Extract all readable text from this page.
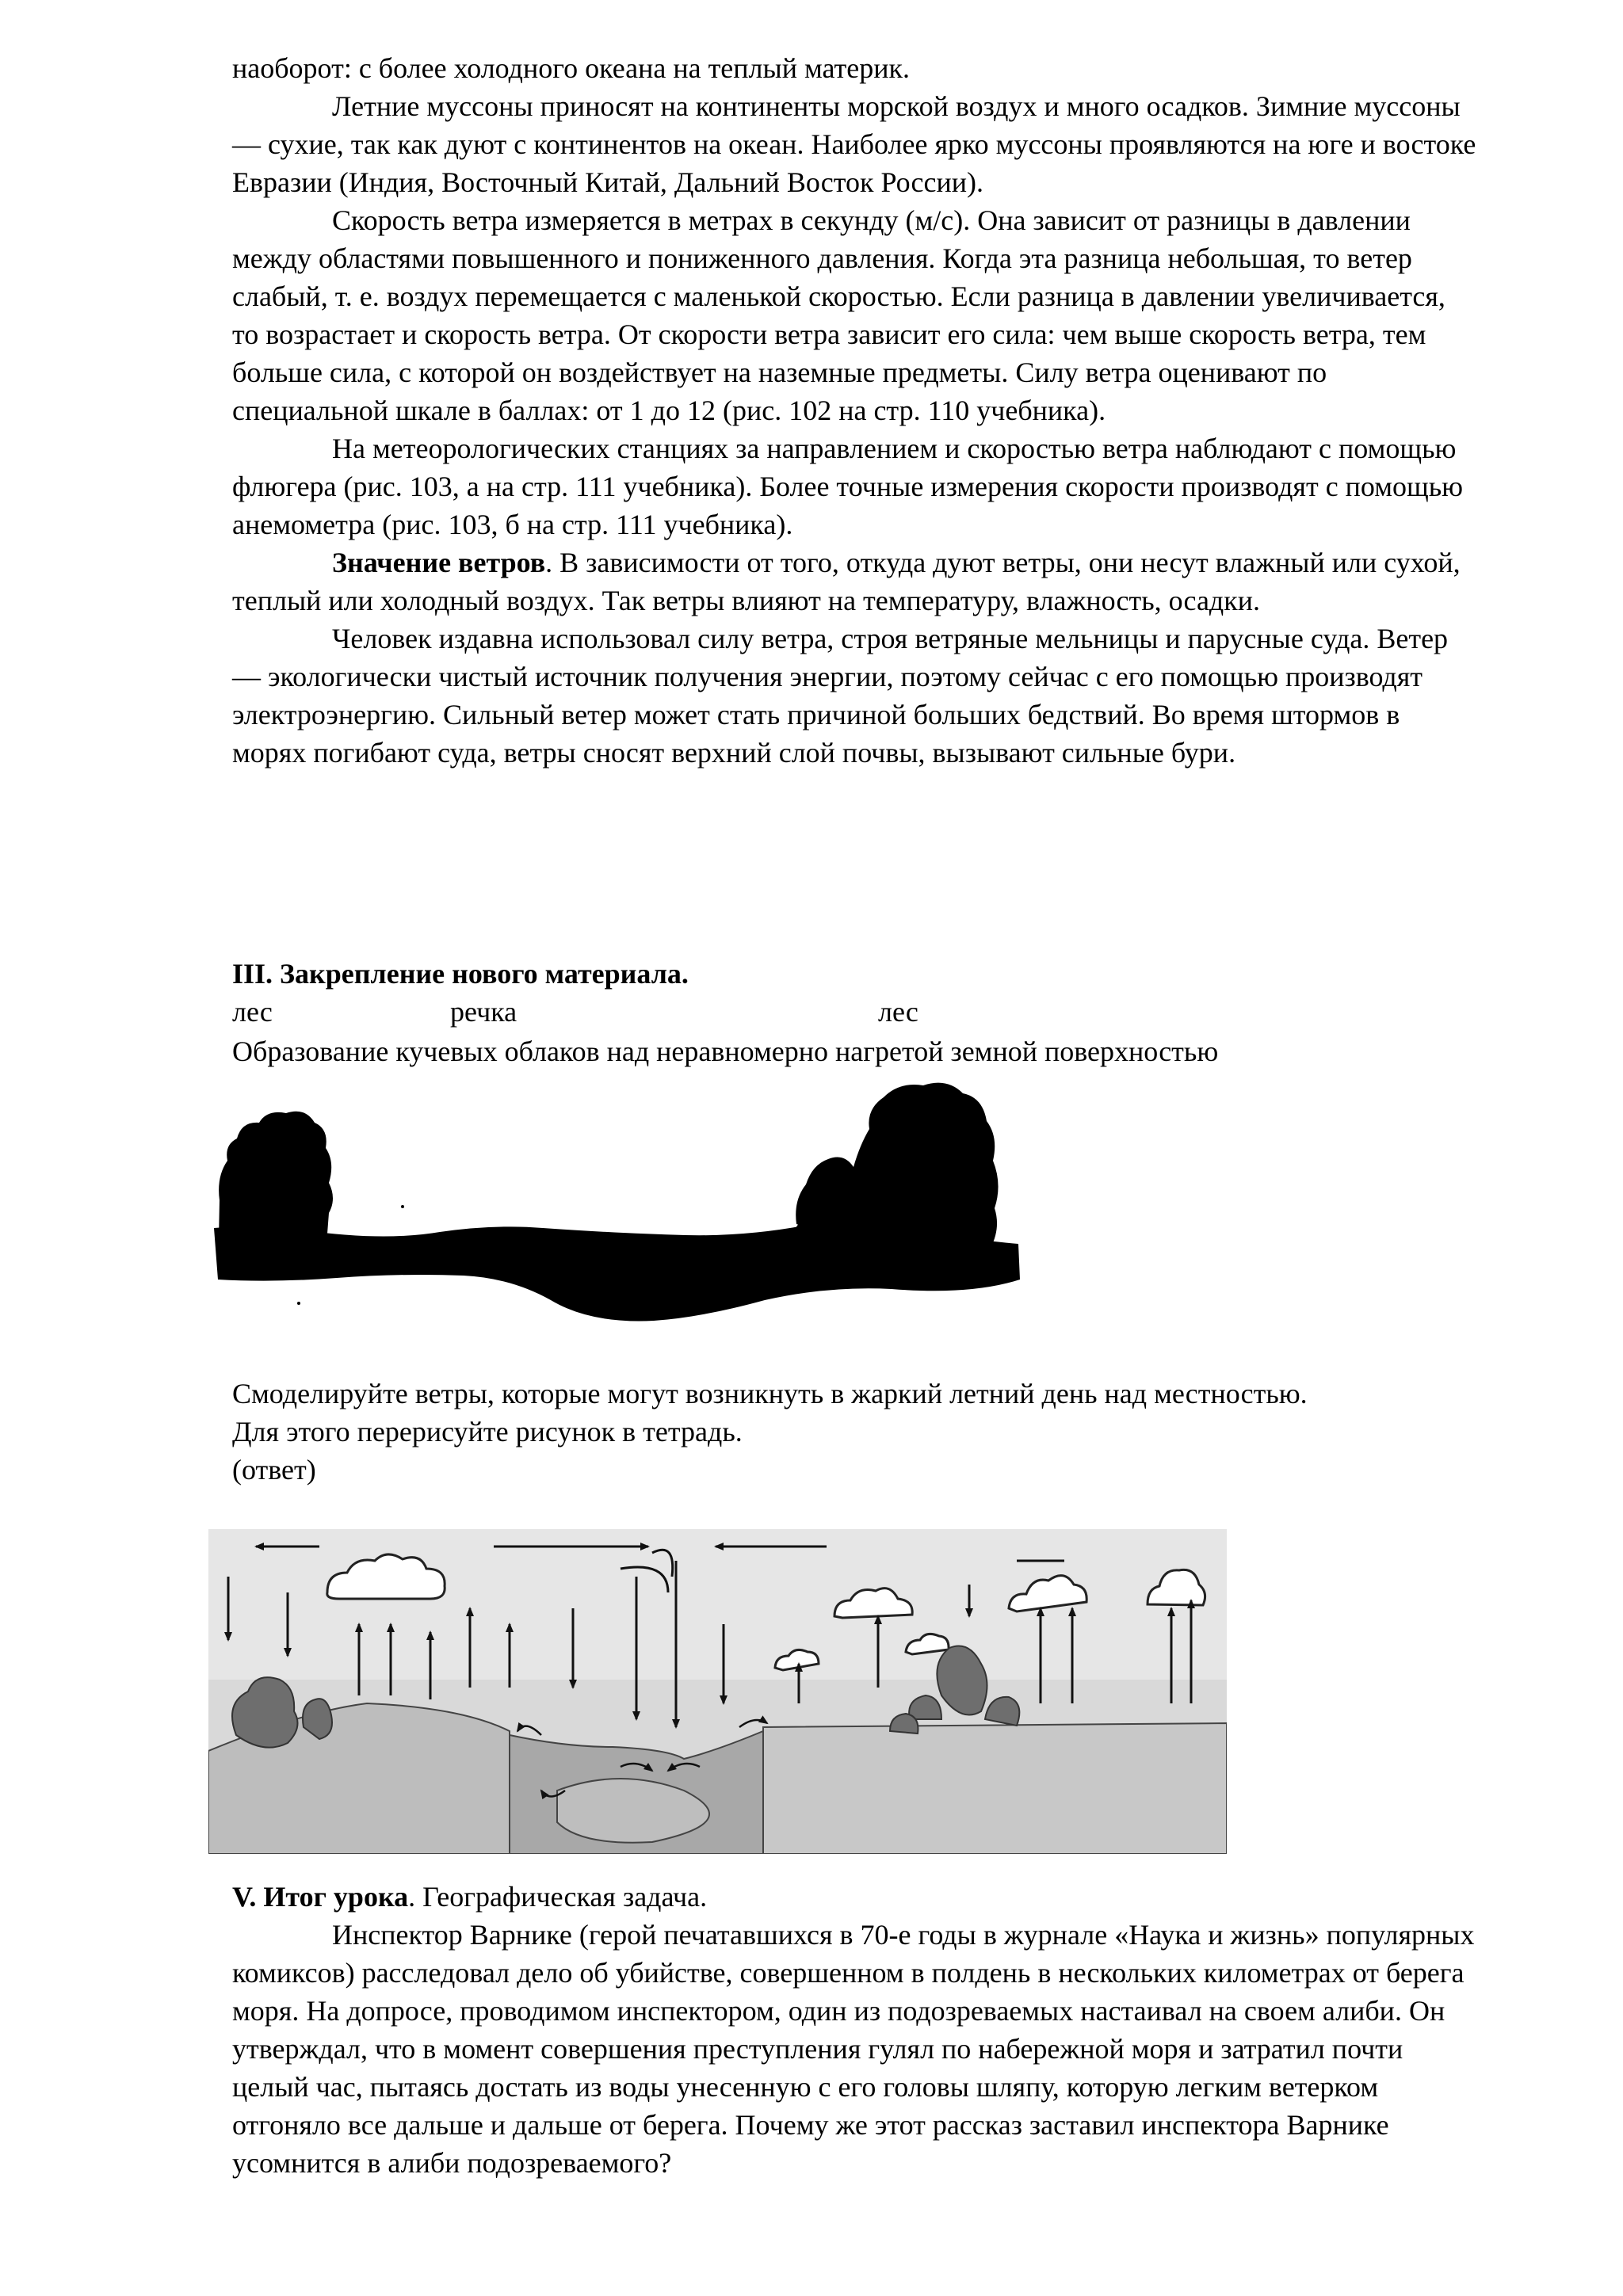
наоборот: с более холодного океана на теплый материк.

Летние муссоны приносят на континенты морской воздух и много осадков. Зимние муссоны — сухие, так как дуют с континентов на океан. Наиболее ярко муссоны проявляются на юге и востоке Евразии (Индия, Восточный Китай, Дальний Восток России).

Скорость ветра измеряется в метрах в секунду (м/с). Она зависит от разницы в давлении между областями повышенного и пониженного давления. Когда эта разница небольшая, то ветер слабый, т. е. воздух перемещается с маленькой скоростью. Если разница в давлении увеличивается, то возрастает и скорость ветра. От скорости ветра зависит его сила: чем выше скорость ветра, тем больше сила, с которой он воздействует на наземные предметы. Силу ветра оценивают по специальной шкале в баллах: от 1 до 12 (рис. 102 на стр. 110 учебника).

На метеорологических станциях за направлением и скоростью ветра наблюдают с помощью флюгера (рис. 103, а на стр. 111 учебника). Более точные измерения скорости производят с помощью анемометра (рис. 103, б на стр. 111 учебника).

Значение ветров. В зависимости от того, откуда дуют ветры, они несут влажный или сухой, теплый или холодный воздух. Так ветры влияют на температуру, влажность, осадки.

Человек издавна использовал силу ветра, строя ветряные мельницы и парусные суда. Ветер — экологически чистый источник получения энергии, поэтому сейчас с его помощью производят электроэнергию. Сильный ветер может стать причиной больших бедствий. Во время штормов в морях погибают суда, ветры сносят верхний слой почвы, вызывают сильные бури.

III. Закрепление нового материала.
лес	речка	лес
Образование кучевых облаков над неравномерно нагретой земной поверхностью
Смоделируйте ветры, которые могут возникнуть в жаркий летний день над местностью.
Для этого перерисуйте рисунок в тетрадь.
(ответ)
V. Итог урока. Географическая задача.

Инспектор Варнике (герой печатавшихся в 70-е годы в журнале «Наука и жизнь» популярных комиксов) расследовал дело об убийстве, совершенном в полдень в нескольких километрах от берега моря. На допросе, проводимом инспектором, один из подозреваемых настаивал на своем алиби. Он утверждал, что в момент совершения преступления гулял по набережной моря и затратил почти целый час, пытаясь достать из воды унесенную с его головы шляпу, которую легким ветерком отгоняло все дальше и дальше от берега. Почему же этот рассказ заставил инспектора Варнике усомнится в алиби подозреваемого?
